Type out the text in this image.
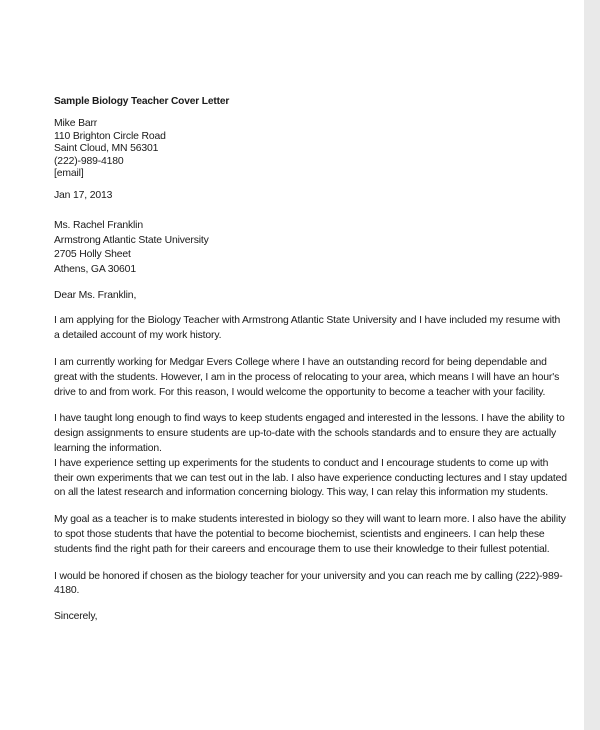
Sample Biology Teacher Cover Letter
Mike Barr
110 Brighton Circle Road
Saint Cloud, MN 56301
(222)-989-4180
[email]
Jan 17, 2013
Ms. Rachel Franklin
Armstrong Atlantic State University
2705 Holly Sheet
Athens, GA 30601
Dear Ms. Franklin,
I am applying for the Biology Teacher with Armstrong Atlantic State University and I have included my resume with
a detailed account of my work history.
I am currently working for Medgar Evers College where I have an outstanding record for being dependable and
great with the students. However, I am in the process of relocating to your area, which means I will have an hour's
drive to and from work. For this reason, I would welcome the opportunity to become a teacher with your facility.
I have taught long enough to find ways to keep students engaged and interested in the lessons. I have the ability to
design assignments to ensure students are up-to-date with the schools standards and to ensure they are actually
learning the information.
I have experience setting up experiments for the students to conduct and I encourage students to come up with
their own experiments that we can test out in the lab. I also have experience conducting lectures and I stay updated
on all the latest research and information concerning biology. This way, I can relay this information my students.
My goal as a teacher is to make students interested in biology so they will want to learn more. I also have the ability
to spot those students that have the potential to become biochemist, scientists and engineers. I can help these
students find the right path for their careers and encourage them to use their knowledge to their fullest potential.
I would be honored if chosen as the biology teacher for your university and you can reach me by calling (222)-989-
4180.
Sincerely,
